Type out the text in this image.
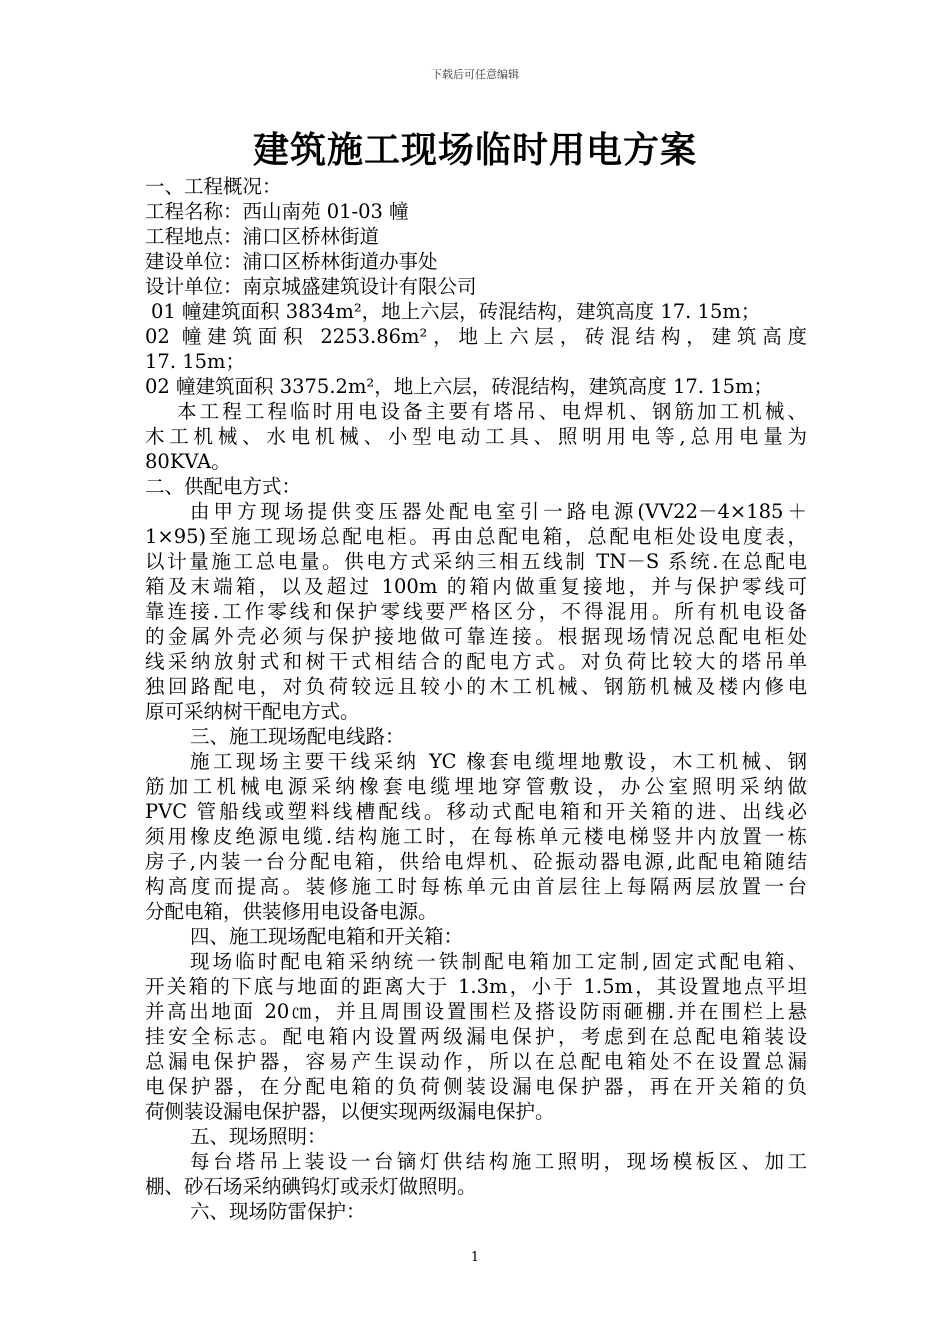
下载后可任意编辑
建筑施工现场临时用电方案
一、工程概况：
工程名称：西山南苑 01-03 幢
工程地点：浦口区桥林街道
建设单位：浦口区桥林街道办事处
设计单位：南京城盛建筑设计有限公司
01 幢建筑面积 3834m²，地上六层，砖混结构，建筑高度 17. 15m；
02 幢建筑面积 2253.86m²，地上六层，砖混结构，建筑高度
17. 15m；
02 幢建筑面积 3375.2m²，地上六层，砖混结构，建筑高度 17. 15m；
本工程工程临时用电设备主要有塔吊、电焊机、钢筋加工机械、
木工机械、水电机械、小型电动工具、照明用电等,总用电量为
80KVA。
二、供配电方式：
由甲方现场提供变压器处配电室引一路电源(VV22－4×185＋
1×95)至施工现场总配电柜。再由总配电箱，总配电柜处设电度表，
以计量施工总电量。供电方式采纳三相五线制 TN－S 系统.在总配电
箱及末端箱，以及超过 100m 的箱内做重复接地，并与保护零线可
靠连接.工作零线和保护零线要严格区分，不得混用。所有机电设备
的金属外壳必须与保护接地做可靠连接。根据现场情况总配电柜处
线采纳放射式和树干式相结合的配电方式。对负荷比较大的塔吊单
独回路配电，对负荷较远且较小的木工机械、钢筋机械及楼内修电
原可采纳树干配电方式。
三、施工现场配电线路：
施工现场主要干线采纳 YC 橡套电缆埋地敷设，木工机械、钢
筋加工机械电源采纳橡套电缆埋地穿管敷设，办公室照明采纳做
PVC 管船线或塑料线槽配线。移动式配电箱和开关箱的进、出线必
须用橡皮绝源电缆.结构施工时，在每栋单元楼电梯竖井内放置一栋
房子,内装一台分配电箱，供给电焊机、砼振动器电源,此配电箱随结
构高度而提高。装修施工时每栋单元由首层往上每隔两层放置一台
分配电箱，供装修用电设备电源。
四、施工现场配电箱和开关箱：
现场临时配电箱采纳统一铁制配电箱加工定制,固定式配电箱、
开关箱的下底与地面的距离大于 1.3m，小于 1.5m，其设置地点平坦
并高出地面 20㎝，并且周围设置围栏及搭设防雨砸棚.并在围栏上悬
挂安全标志。配电箱内设置两级漏电保护，考虑到在总配电箱装设
总漏电保护器，容易产生误动作，所以在总配电箱处不在设置总漏
电保护器，在分配电箱的负荷侧装设漏电保护器，再在开关箱的负
荷侧装设漏电保护器，以便实现两级漏电保护。
五、现场照明：
每台塔吊上装设一台镝灯供结构施工照明，现场模板区、加工
棚、砂石场采纳碘钨灯或汞灯做照明。
六、现场防雷保护：
1
